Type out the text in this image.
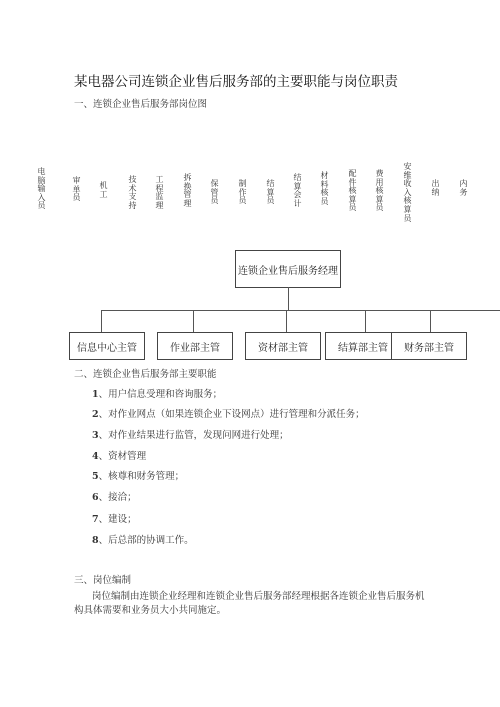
某电器公司连锁企业售后服务部的主要职能与岗位职责
一、连锁企业售后服务部岗位图
电脑输入员
审单员
机工
技术支持
工程监理
拆换管理
保管员
制作员
结算员
结算会计
材料核员
配件核算员
费用核算员
安维收入核算员
出纳
内务
连锁企业售后服务经理
信息中心主管	作业部主管	资材部主管	结算部主管	财务部主管
二、连锁企业售后服务部主要职能
1、用户信息受理和咨询服务；
2、对作业网点（如果连锁企业下设网点）进行管理和分派任务；
3、对作业结果进行监管，发现问网进行处理；
4、资材管理
5、核尊和财务管理；
6、接洽；
7、建设；
8、后总部的协调工作。
三、岗位编制
岗位编制由连锁企业经理和连锁企业售后服务部经理根据各连锁企业售后服务机
构具体需要和业务员大小共同施定。
